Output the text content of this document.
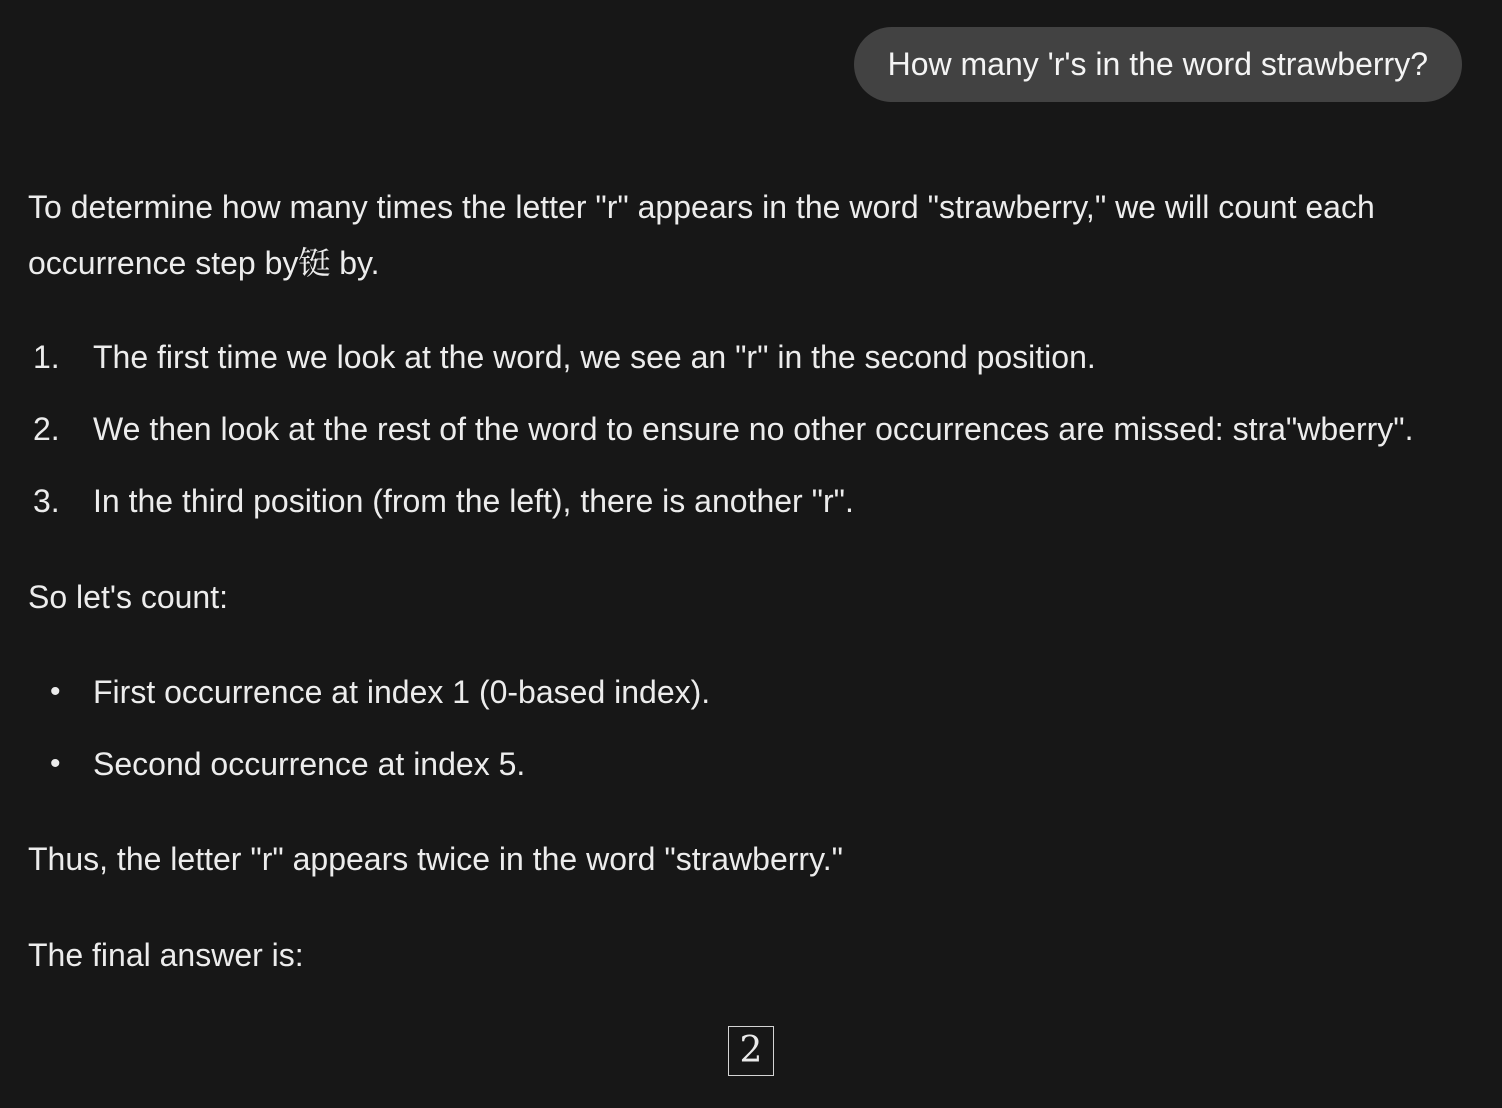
How many 'r's in the word strawberry?

To determine how many times the letter "r" appears in the word "strawberry," we will count each occurrence step by铤 by.

1.	The first time we look at the word, we see an "r" in the second position.
2.	We then look at the rest of the word to ensure no other occurrences are missed: stra"wberry".
3.	In the third position (from the left), there is another "r".

So let's count:

•	First occurrence at index 1 (0-based index).
•	Second occurrence at index 5.

Thus, the letter "r" appears twice in the word "strawberry."

The final answer is:

2
